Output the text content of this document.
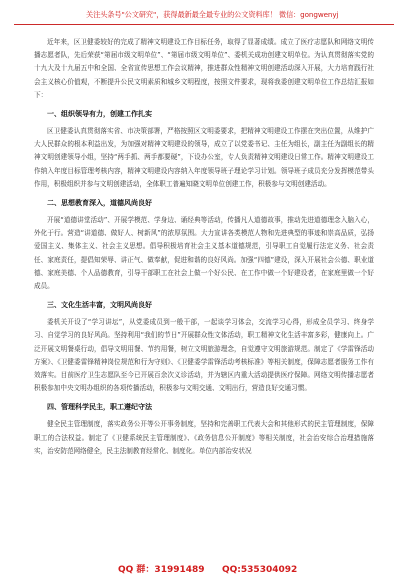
关注头条号"公文研究"，获得最新最全最专业的公文资料库！ 微信：gongwenyj

近年来，区卫健委较好的完成了精神文明建设工作目标任务，取得了显著成绩。成立了医疗志愿队和网络文明传播志愿者队，先后荣获“第届市级文明单位”、“第届市级文明单位”、委机关成功创建文明单位。为认真贯彻落实党的十九大及十九届五中和全国、全省宣传思想工作会议精神，推进群众性精神文明创建活动深入开展，大力培育践行社会主义核心价值观，不断提升公民文明素质和城乡文明程度，按照文件要求，现将我委创建文明单位工作总结汇报如下：

一、组织领导有力，创建工作扎实

区卫健委认真贯彻落实省、市决策部署，严格按照区文明委要求，把精神文明建设工作摆在突出位置，从维护广大人民群众的根本利益出发，为加强对精神文明建设的领导，成立了以党委书记、主任为组长，副主任为副组长的精神文明创建领导小组，坚持“两手抓、两手都要硬”，下设办公室，专人负责精神文明建设日常工作。精神文明建设工作纳入年度目标管理考核内容，精神文明建设内容纳入年度领导班子理论学习计划。领导班子成员充分发挥模范带头作用，积极组织并参与文明创建活动，全体职工普遍知晓文明单位创建工作，积极参与文明创建活动。

二、思想教育深入，道德风尚良好

开展“道德讲堂活动”、开展学模范、学身边、诵经典等活动，传播凡人道德故事，推动先进道德理念入脑入心，外化于行。营造“讲道德、做好人、树新风”的浓厚氛围。大力宣讲各类模范人物和先进典型的事迹和崇高品质，弘扬爱国主义、集体主义、社会主义思想。倡导积极培育社会主义基本道德规范，引导职工自觉履行法定义务、社会责任、家庭责任，提倡知荣辱、讲正气、做奉献，促进和谐的良好风尚。加强“四德”建设，深入开展社会公德、职业道德、家庭美德、个人品德教育，引导干部职工在社会上做一个好公民、在工作中做一个好建设者，在家庭里做一个好成员。

三、文化生活丰富，文明风尚良好

委机关开设了“学习讲坛”，从党委成员到一般干部，一起谈学习体会，交流学习心得，形成全员学习、终身学习、自觉学习的良好风尚。坚持利用“我们的节日”开展群众性文体活动，职工精神文化生活丰富多彩，健康向上。广泛开展文明餐桌行动，倡导文明用餐、节约用餐，树立文明旅游理念，自觉遵守文明旅游规范。制定了《学雷锋活动方案》、《卫健委雷锋精神岗位规范和行为守则》、《卫健委学雷锋活动考核标准》等相关制度，保障志愿者服务工作有效落实。目前医疗卫生志愿队至今已开展百余次义诊活动，并为辖区内重大活动提供医疗保障。网络文明传播志愿者积极参加中央文明办组织的各项传播活动，积极参与文明交通、文明出行，营造良好交通习惯。

四、管理科学民主，职工遵纪守法

健全民主管理制度，落实政务公开等公开事务制度，坚持和完善职工代表大会和其他形式的民主管理制度，保障职工的合法权益。制定了《卫健系统民主管理制度》、《政务信息公开制度》等相关制度，社会治安综合治理措施落实，治安防范网络健全，民主法制教育经常化、制度化。单位内部治安状况

QQ 群：31991489 QQ:535304092
